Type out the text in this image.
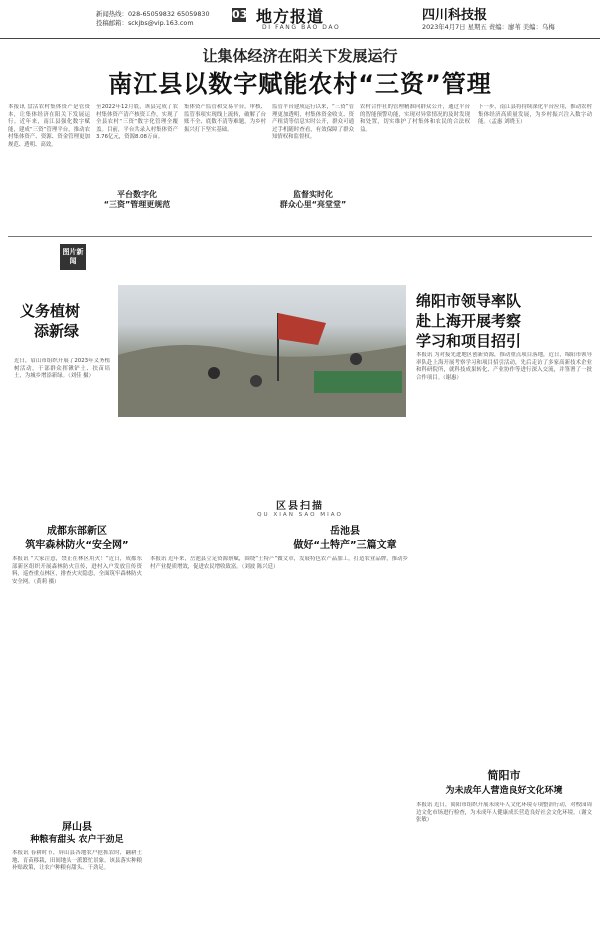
新闻热线：028-65059832 65059830
投稿邮箱：sckjbs@vip.163.com
03 地方报道
DI FANG BAO DAO
四川科技报
2023年4月7日 星期五 责编：廖苇 美编：乌梅
让集体经济在阳关下发展运行
南江县以数字赋能农村“三资”管理
本报讯 盘活农村集体资产是管资本，让集体经济在阳关下发展运行。近年来，南江县强化数字赋能，建成“三资”管理平台，推动农村集体资产、资源、资金管理更加规范、透明、高效。
至2022年12月底，该县完成了农村集体资产清产核资工作，实现了全县农村“三资”数字化管理全覆盖。目前，平台共录入村集体资产3.76亿元，资源8.08万亩。
平台数字化
“三资”管理更规范
集体资产监管和交易平台，审核、监管事项实现线上流转，破解了台账不全、底数不清等难题，为乡村振兴打下坚实基础。
监督实时化
群众心里“亮堂堂”
监管平台建成运行以来，“三资”管理更加透明，村集体资金收支、资产租赁等信息实时公开，群众可通过手机随时查看，有效保障了群众知情权和监督权。
农村合作社的管理精准向群众公开，通过平台的智能预警功能，实现对异常情况的及时发现和处置，切实维护了村集体和农民的合法权益。
下一步，南江县将持续深化平台应用，推动农村集体经济高质量发展，为乡村振兴注入数字动能。（孟惠 刘晓玉）
图片新闻
义务植树
添新绿
近日，眉山市组织开展了2023年义务植树活动，干部群众挥锹铲土、扶苗培土，为城乡增添新绿。（刘佳 摄）
绵阳市领导率队
赴上海开展考察
学习和项目招引
本报讯 为对接先进地区创新资源，推动重点项目落地，近日，绵阳市领导率队赴上海开展考察学习和项目招引活动，先后走访了多家高新技术企业和科研院所，就科技成果转化、产业协作等进行深入交流，并签署了一批合作项目。（谢惠）
区县扫描
QU XIAN SAO MIAO
成都东部新区
筑牢森林防火“安全网”
本报讯 “大家注意，禁止在林区用火！”近日，成都东部新区组织开展森林防火宣传，进村入户发放宣传资料，巡查重点林区，排查火灾隐患，全面筑牢森林防火安全网。（黄莉 摄）
岳池县
做好“土特产”三篇文章
本报讯 近年来，岳池县立足资源禀赋，围绕“土特产”做文章，发展特色农产品加工，打造农业品牌，推动乡村产业提质增效，促进农民增收致富。（刘波 陈兴廷）
屏山县
种粮有甜头 农户干劲足
本报讯 春耕时节，屏山县各地农户抢抓农时，翻耕土地、育苗移栽，田间地头一派繁忙景象。该县落实种粮补贴政策，让农户种粮有甜头、干劲足。
简阳市
为未成年人营造良好文化环境
本报讯 近日，简阳市组织开展未成年人文化环境专项整治行动，对校园周边文化市场进行检查，为未成年人健康成长营造良好社会文化环境。（谢文 张敏）
